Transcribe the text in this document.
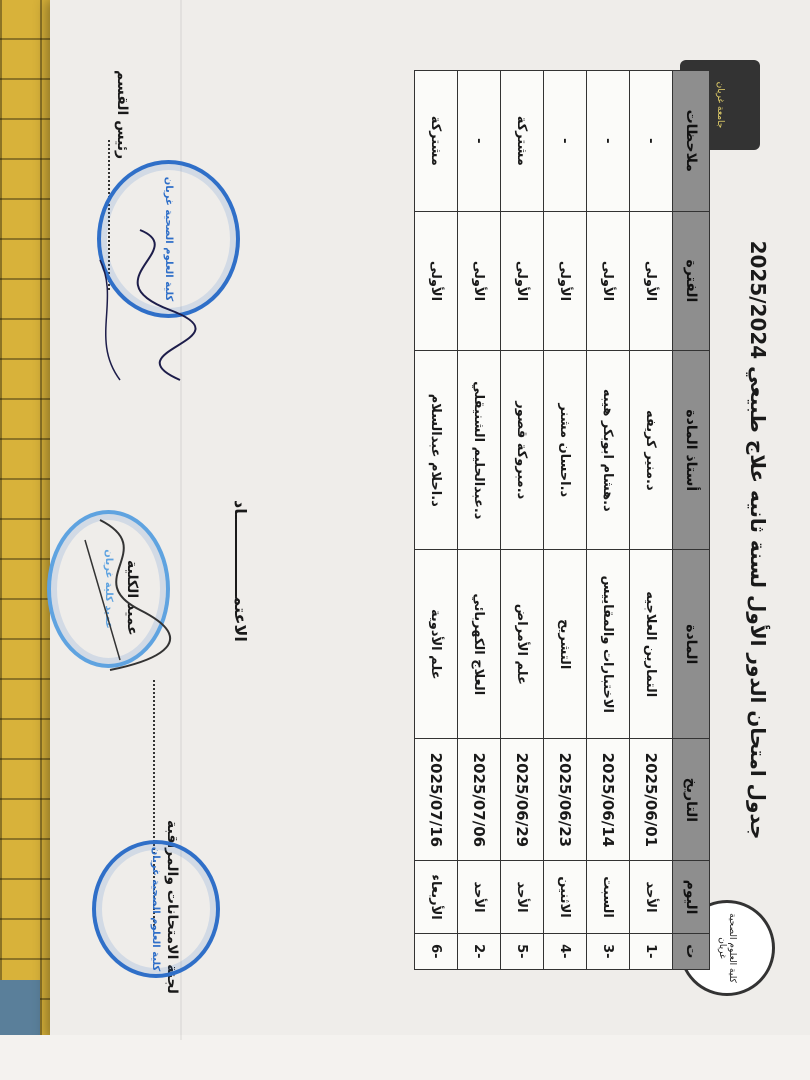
جدول امتحان الدور الأول لسنة ثانيه علاج طبيعي 2025/2024
كلية العلوم الصحية غريان
جامعة غريان
ت	اليوم	التاريخ	المادة	أستاذ المادة	الفترة	ملاحظات
-1	الأحد	2025/06/01	التمارين العلاجيه	د.منير كريفه	الأولى	-
-3	السبت	2025/06/14	الاختبارات والمقاييس	د.هشام ابوبكر هيبه	الأولى	-
-4	الاثنين	2025/06/23	التشريح	د.احسان مشنر	الأولى	-
-5	الأحد	2025/06/29	علم الأمراض	د.مبروكة قصور	الأولى	مشتركة
-2	الأحد	2025/07/06	العلاج الكهربائي	د.عبدالحليم الشنيقلي	الأولى	-
-6	الأربعاء	2025/07/16	علم الأدوية	د.احلام عبدالسلام	الأولى	مشتركة
لجنة الامتحانات والمراقبة
عميد الكلية	الاعتمـــــــــــــــاد
رئيس القسم
كلية العلوم الصحية غريان
عميد كلية غريان
كلية العلوم الصحية غريان
